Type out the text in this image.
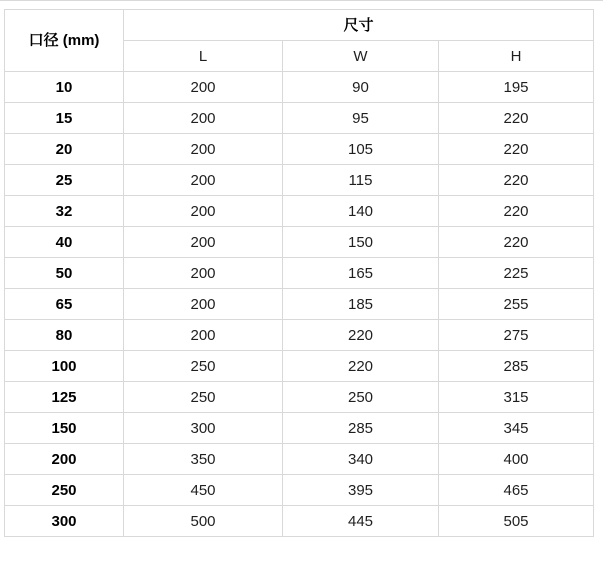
口径 (mm)	尺寸		
	L	W	H
10	200	90	195
15	200	95	220
20	200	105	220
25	200	115	220
32	200	140	220
40	200	150	220
50	200	165	225
65	200	185	255
80	200	220	275
100	250	220	285
125	250	250	315
150	300	285	345
200	350	340	400
250	450	395	465
300	500	445	505
